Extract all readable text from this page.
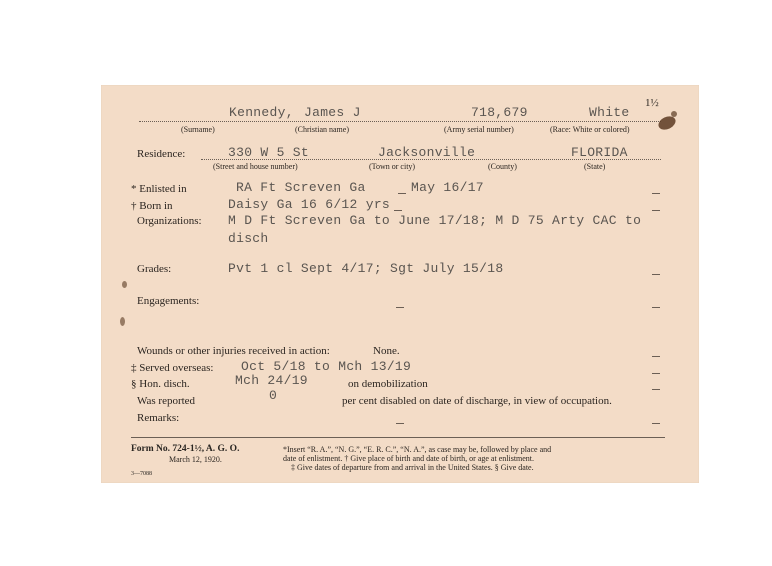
1½
Kennedy, James J	718,679	White
(Surname)	(Christian name)	(Army serial number)	(Race: White or colored)
Residence:	330 W 5 St	Jacksonville	FLORIDA
(Street and house number)	(Town or city)	(County)	(State)
* Enlisted in	RA Ft Screven Ga	May 16/17
† Born in	Daisy Ga 16 6/12 yrs
Organizations: M D Ft Screven Ga to June 17/18; M D 75 Arty CAC to
disch
Grades:	Pvt 1 cl Sept 4/17; Sgt July 15/18
Engagements:
Wounds or other injuries received in action:	None.
‡ Served overseas: Oct 5/18 to Mch 13/19
§ Hon. disch.	Mch 24/19	on demobilization
Was reported	0	per cent disabled on date of discharge, in view of occupation.
Remarks:
Form No. 724-1½, A. G. O.
March 12, 1920.
3—7088
*Insert “R. A.”, “N. G.”, “E. R. C.”, “N. A.”, as case may be, followed by place and
date of enlistment. † Give place of birth and date of birth, or age at enlistment.
‡ Give dates of departure from and arrival in the United States. § Give date.
